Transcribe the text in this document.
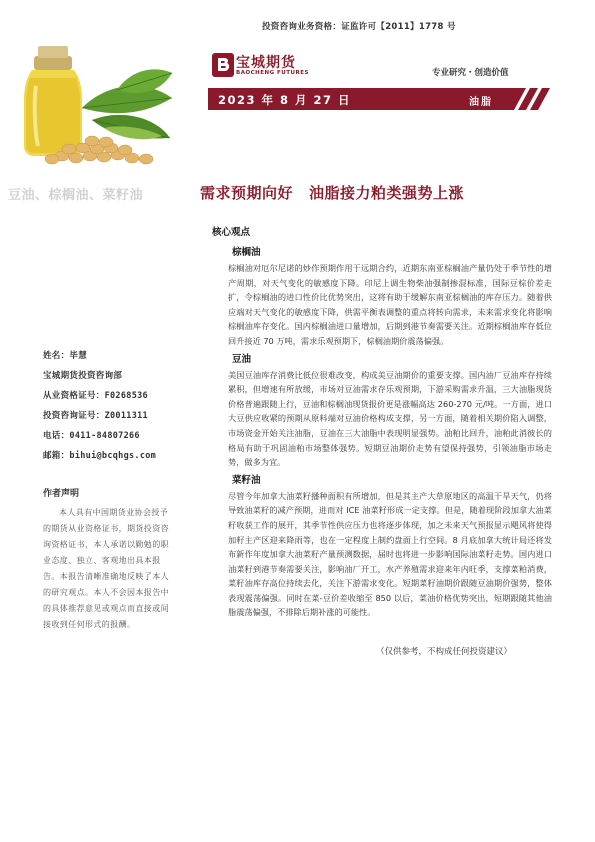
投资咨询业务资格：证监许可【2011】1778 号
宝城期货
BAOCHENG FUTURES	专业研究・创造价值
2023 年 8 月 27 日	油脂
豆油、棕榈油、菜籽油	需求预期向好 油脂接力粕类强势上涨
核心观点
棕榈油

棕榈油对厄尔尼诺的炒作预期作用于远期合约，近期东南亚棕榈油产量仍处于季节性的增产周期，对天气变化的敏感度下降。印尼上调生物柴油强制掺混标准，国际豆棕价差走扩，令棕榈油的进口性价比优势突出，这将有助于缓解东南亚棕榈油的库存压力。随着供应端对天气变化的敏感度下降，供需平衡表调整的重点将转向需求，未来需求变化将影响棕榈油库存变化。国内棕榈油进口量增加，后期到港节奏需要关注。近期棕榈油库存低位回升接近 70 万吨，需求乐观预期下，棕榈油期价震荡偏强。

豆油

美国豆油库存消费比低位很难改变，构成美豆油期价的重要支撑。国内油厂豆油库存持续累积，但增速有所放缓，市场对豆油需求存乐观预期，下游采购需求升温，三大油脂现货价格普遍跟随上行，豆油和棕榈油现货报价更是涨幅高达 260-270 元/吨。一方面，进口大豆供应收紧的预期从原料端对豆油价格构成支撑，另一方面，随着相关期价陷入调整，市场资金开始关注油脂，豆油在三大油脂中表现明显强势。油粕比回升，油粕此消彼长的格局有助于巩固油粕市场整体强势。短期豆油期价走势有望保持强势，引领油脂市场走势，做多为宜。

菜籽油

尽管今年加拿大油菜籽播种面积有所增加，但是其主产大草原地区的高温干旱天气，仍将导致油菜籽的减产预期，进而对 ICE 油菜籽形成一定支撑。但是，随着现阶段加拿大油菜籽收获工作的展开，其季节性供应压力也将逐步体现，加之未来天气预报显示飓风将使得加籽主产区迎来降雨等，也在一定程度上制约盘面上行空间。8 月底加拿大统计局还将发布新作年度加拿大油菜籽产量预测数据，届时也将进一步影响国际油菜籽走势。国内进口油菜籽到港节奏需要关注，影响油厂开工，水产养殖需求迎来年内旺季，支撑菜粕消费，菜籽油库存高位持续去化，关注下游需求变化。短期菜籽油期价跟随豆油期价强势，整体表现震荡偏强。同时在菜-豆价差收缩至 850 以后，菜油价格优势突出，短期跟随其他油脂震荡偏强，不排除后期补涨的可能性。

姓名：毕慧
宝城期货投资咨询部
从业资格证号：F0268536
投资咨询证号：Z0011311
电话：0411-84807266
邮箱：bihui@bcqhgs.com
作者声明

本人具有中国期货业协会授予的期货从业资格证书，期货投资咨询资格证书，本人承诺以勤勉的职业态度、独立、客观地出具本报告。本报告清晰准确地反映了本人的研究观点。本人不会因本报告中的具体推荐意见或观点而直接或间接收到任何形式的报酬。

（仅供参考，不构成任何投资建议）
